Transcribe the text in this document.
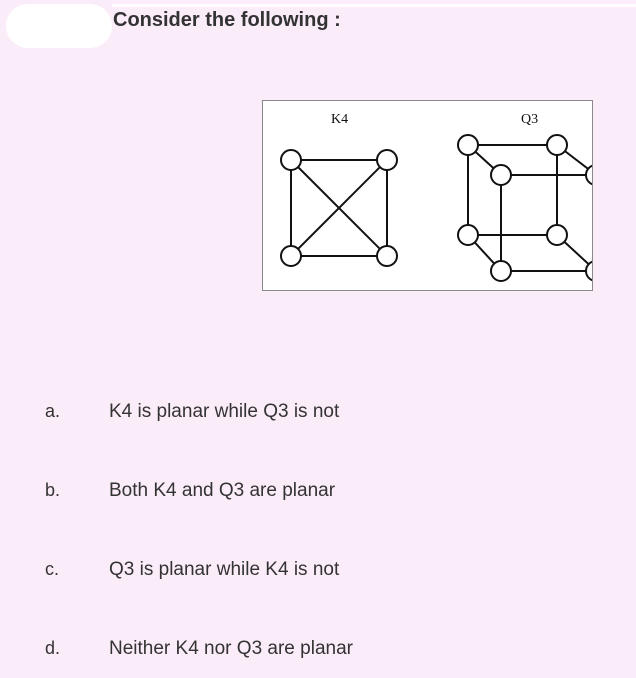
Consider the following :
K4	Q3
a.	K4 is planar while Q3 is not
b.	Both K4 and Q3 are planar
c.	Q3 is planar while K4 is not
d.	Neither K4 nor Q3 are planar
